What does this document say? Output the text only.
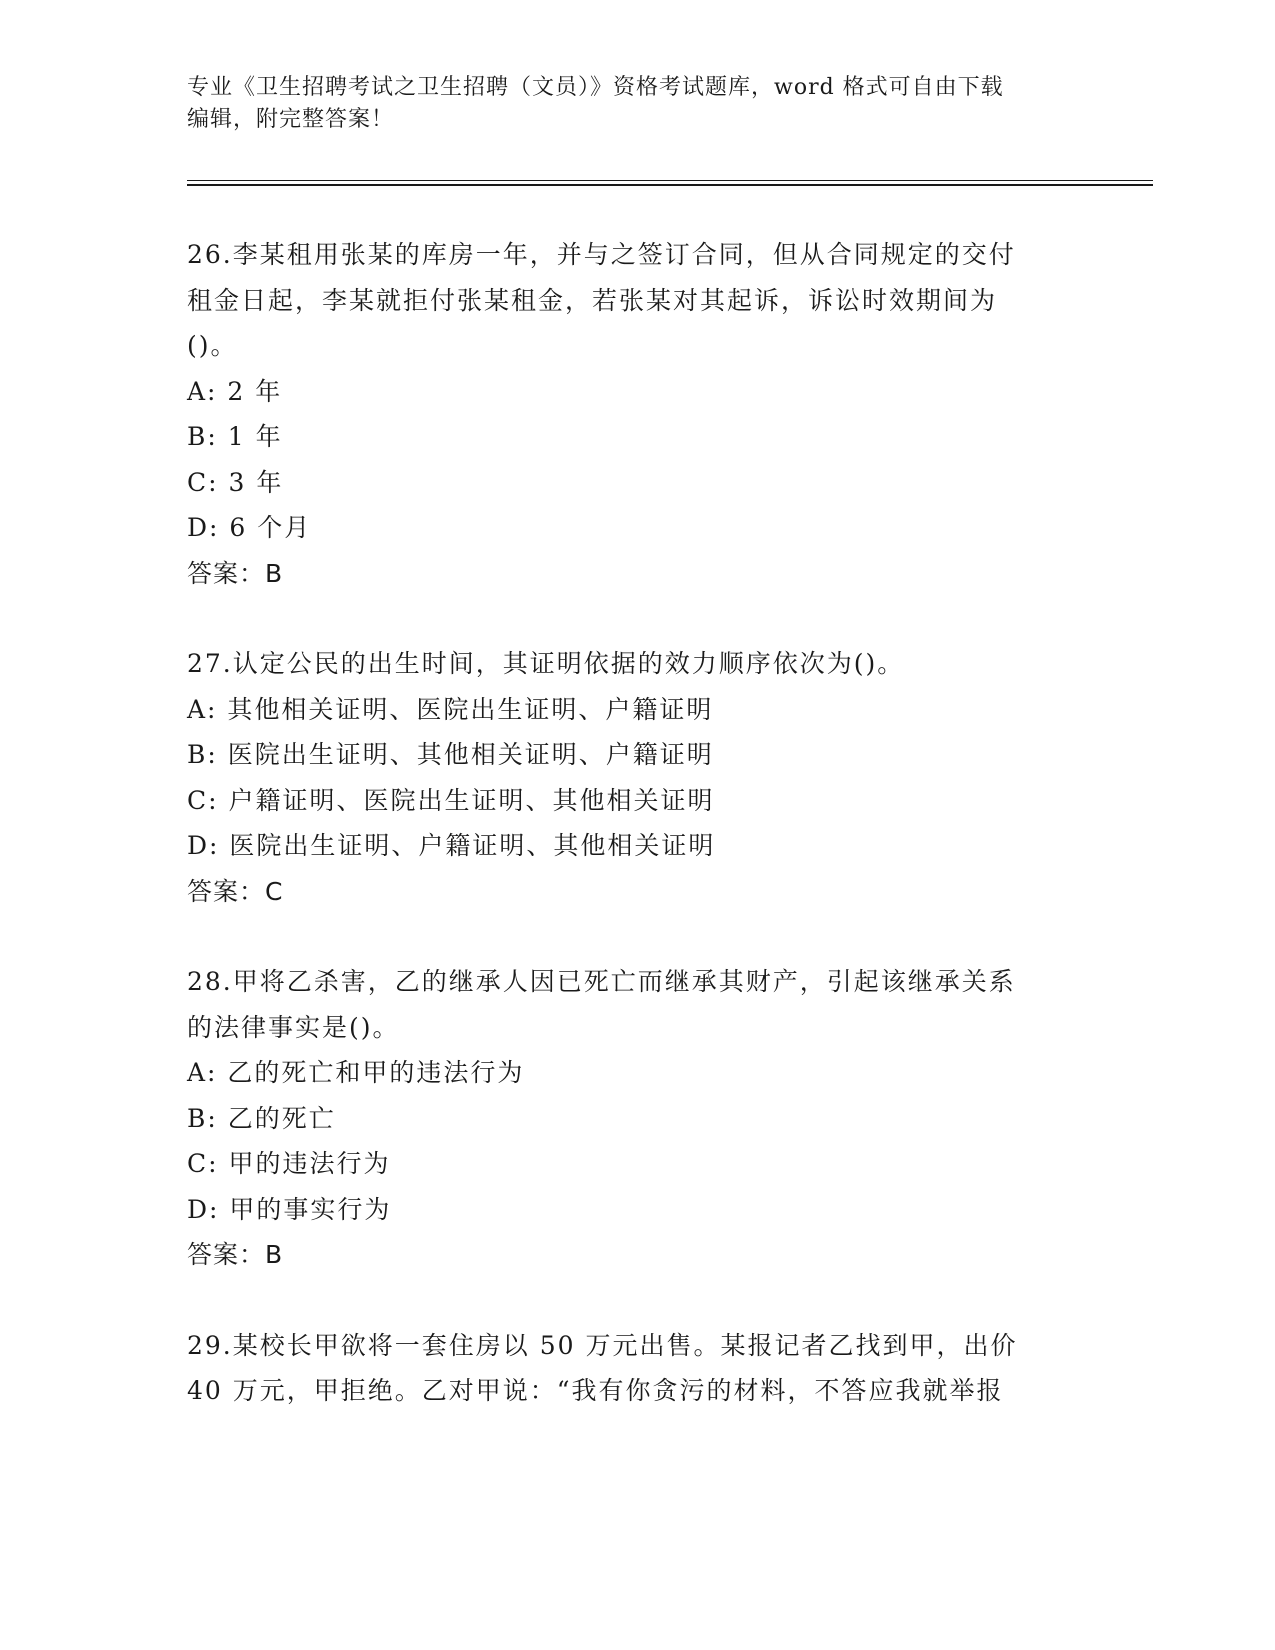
专业《卫生招聘考试之卫生招聘（文员）》资格考试题库，word 格式可自由下载
编辑，附完整答案！
26.李某租用张某的库房一年，并与之签订合同，但从合同规定的交付
租金日起，李某就拒付张某租金，若张某对其起诉，诉讼时效期间为
()。
A: 2 年
B: 1 年
C: 3 年
D: 6 个月
答案：B
27.认定公民的出生时间，其证明依据的效力顺序依次为()。
A: 其他相关证明、医院出生证明、户籍证明
B: 医院出生证明、其他相关证明、户籍证明
C: 户籍证明、医院出生证明、其他相关证明
D: 医院出生证明、户籍证明、其他相关证明
答案：C
28.甲将乙杀害，乙的继承人因已死亡而继承其财产，引起该继承关系
的法律事实是()。
A: 乙的死亡和甲的违法行为
B: 乙的死亡
C: 甲的违法行为
D: 甲的事实行为
答案：B
29.某校长甲欲将一套住房以 50 万元出售。某报记者乙找到甲，出价
40 万元，甲拒绝。乙对甲说：“我有你贪污的材料，不答应我就举报
